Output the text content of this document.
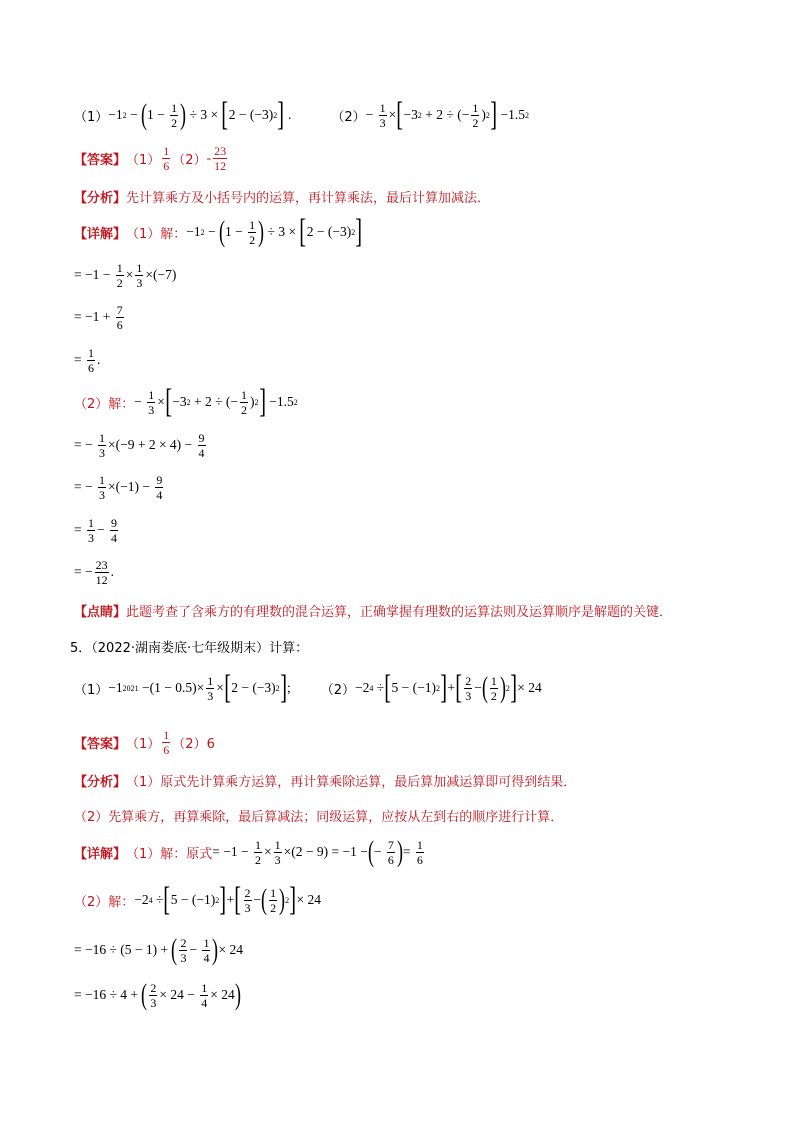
（1） −1 2 − ( $1 - \frac{1}{2}$ ) ÷ 3 × [ 2 − (−3) 2 ] .	$(2) - \frac{1}{3}$ × [ −3 2 + 2 ÷ (− $\frac{1}{2}$ ) 2 ] −1.5 2
【答案】 $(1) \frac{1}{6} (2) - \frac{23}{12}$
【分析】 先计算乘方及小括号内的运算，再计算乘法，最后计算加减法．
【详解】 （1）解： −1 2 − ( $1 - \frac{1}{2}$ ) ÷ 3 × [ 2 − (−3) 2 ]
= $-1 - \frac{1}{2} \times \frac{1}{3} \times(-7)$
= $-1 + \frac{7}{6}$
= $\frac{1}{6}$ .
（2）解： − $\frac{1}{3}$ × [ −3 2 + 2 ÷ (− $\frac{1}{2}$ ) 2 ] −1.5 2
= − $\frac{1}{3} \times(-9 + 2 \times 4) - \frac{9}{4}$
= − $\frac{1}{3} \times(-1) - \frac{9}{4}$
= $\frac{1}{3} - \frac{9}{4}$
= − $\frac{23}{12}$ .
【点睛】 此题考查了含乘方的有理数的混合运算，正确掌握有理数的运算法则及运算顺序是解题的关键．
5．（2022·湖南娄底·七年级期末）计算：
（1） −1 $2021 -(1 - 0.5)\times \frac{1}{3}$ × [ 2 − (−3) 2 ] ; （2） −2 4 ÷ [ 5 − (−1) 2 ] + [ $\frac{2}{3}$ − ( $\frac{1}{2}$ ) 2 ] × 24
【答案】 $(1) \frac{1}{6} (2)6$
【分析】 （1）原式先计算乘方运算，再计算乘除运算，最后算加减运算即可得到结果．
（2）先算乘方，再算乘除，最后算减法；同级运算，应按从左到右的顺序进行计算．
【详解】 （1）解：原式 = $-1 - \frac{1}{2} \times \frac{1}{3} \times(2 - 9) = -1$ − ( − $\frac{7}{6}$ ) = $\frac{1}{6}$
（2）解： −2 4 ÷ [ 5 − (−1) 2 ] + [ $\frac{2}{3}$ − ( $\frac{1}{2}$ ) 2 ] × 24
= −16 ÷ (5 − 1) + ( $\frac{2}{3} - \frac{1}{4}$ ) × 24
= −16 ÷ 4 + ( $\frac{2}{3} \times 24 - \frac{1}{4} \times 24$ )
